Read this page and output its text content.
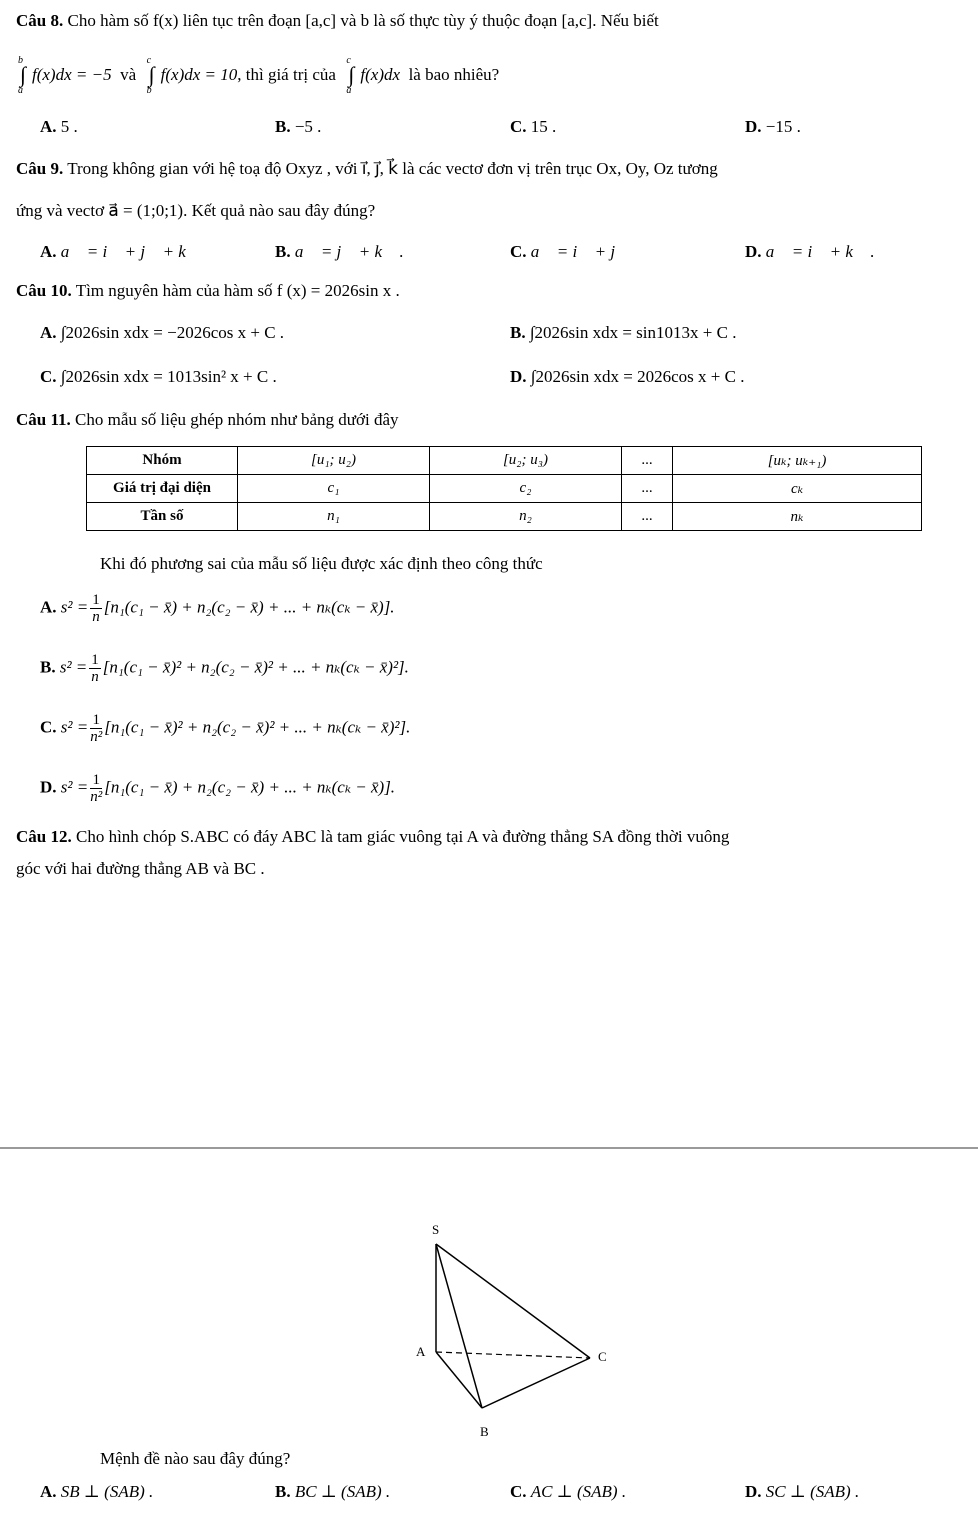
Câu 8. Cho hàm số f(x) liên tục trên đoạn [a,c] và b là số thực tùy ý thuộc đoạn [a,c]. Nếu biết
b
∫
a
f(x)dx = −5 và
c
∫
b
f(x)dx = 10, thì giá trị của
c
∫
a
f(x)dx là bao nhiêu?
A. 5 .	B. −5 .	C. 15 .	D. −15 .
Câu 9. Trong không gian với hệ toạ độ Oxyz , với i⃗, j⃗, k⃗ là các vectơ đơn vị trên trục Ox, Oy, Oz tương
ứng và vectơ a⃗ = (1;0;1). Kết quả nào sau đây đúng?
A. a⃗ = i⃗ + j⃗ + k⃗	B. a⃗ = j⃗ + k⃗ .	C. a⃗ = i⃗ + j⃗	D. a⃗ = i⃗ + k⃗ .
Câu 10. Tìm nguyên hàm của hàm số f (x) = 2026sin x .
A. ∫2026sin xdx = −2026cos x + C .	B. ∫2026sin xdx = sin1013x + C .
C. ∫2026sin xdx = 1013sin² x + C .	D. ∫2026sin xdx = 2026cos x + C .
Câu 11. Cho mẫu số liệu ghép nhóm như bảng dưới đây
Nhóm	[u₁; u₂)	[u₂; u₃)	...	[uₖ; uₖ₊₁)
Giá trị đại diện	c₁	c₂	...	cₖ
Tần số	n₁	n₂	...	nₖ
Khi đó phương sai của mẫu số liệu được xác định theo công thức
A. $s^2 = \frac{1}{n} [n_1(c_1$ − x̄) + n₂(c₂ − x̄) + ... + nₖ(cₖ − x̄)].
B. $s^2 = \frac{1}{n} [n_1(c_1$ − x̄)² + n₂(c₂ − x̄)² + ... + nₖ(cₖ − x̄)²].
C. $s^2 = \frac{1}{\text{n²}} [n_1(c_1$ − x̄)² + n₂(c₂ − x̄)² + ... + nₖ(cₖ − x̄)²].
D. $s^2 = \frac{1}{\text{n²}} [n_1(c_1$ − x̄) + n₂(c₂ − x̄) + ... + nₖ(cₖ − x̄)].
Câu 12. Cho hình chóp S.ABC có đáy ABC là tam giác vuông tại A và đường thẳng SA đồng thời vuông
góc với hai đường thẳng AB và BC .
S
A	C
B
Mệnh đề nào sau đây đúng?
A. SB ⊥ (SAB) .	B. BC ⊥ (SAB) .	C. AC ⊥ (SAB) .	D. SC ⊥ (SAB) .
